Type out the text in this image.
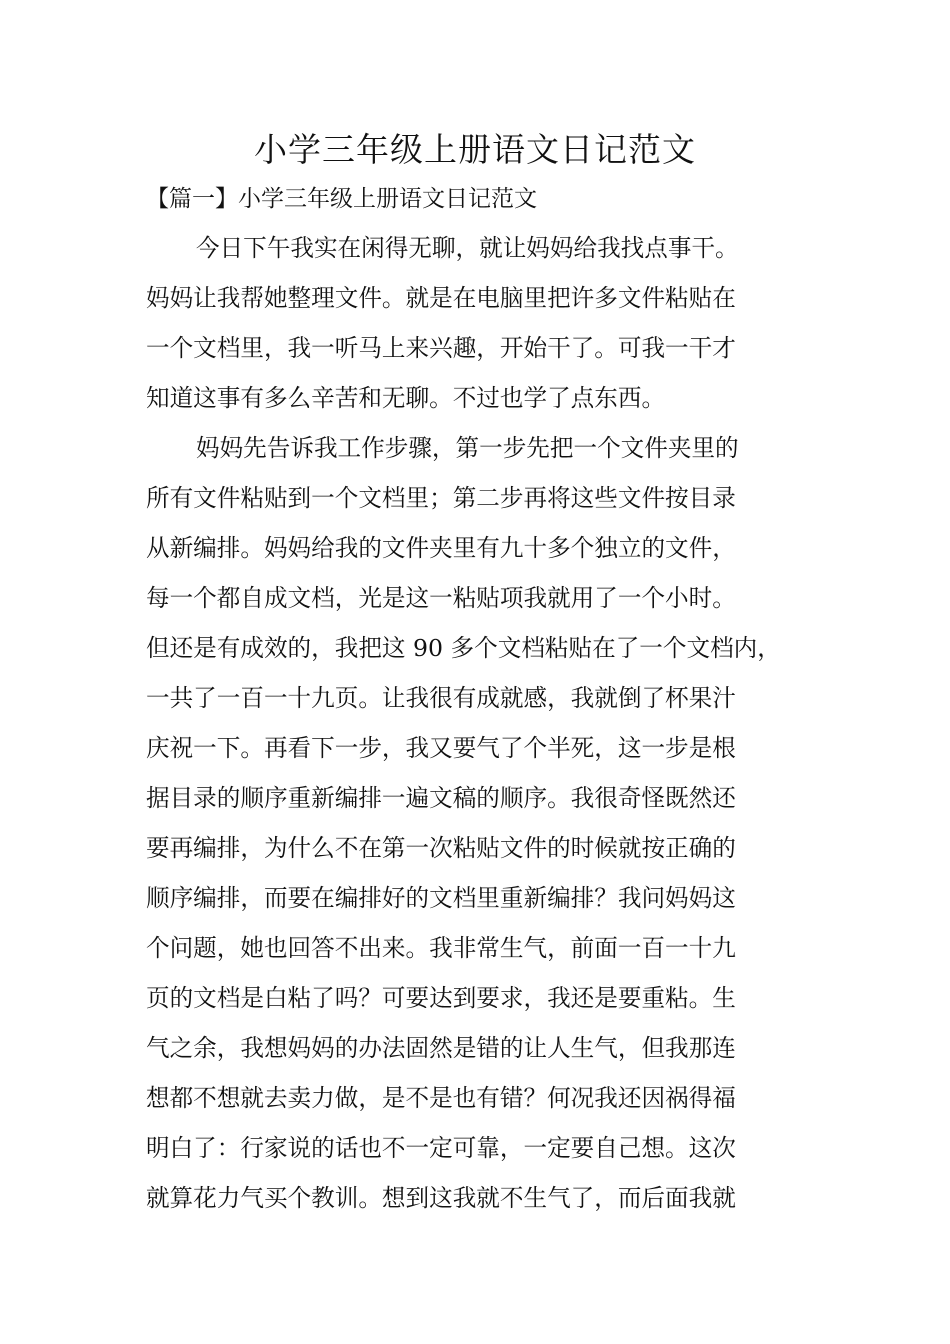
小学三年级上册语文日记范文
【篇一】小学三年级上册语文日记范文
今日下午我实在闲得无聊，就让妈妈给我找点事干。
妈妈让我帮她整理文件。就是在电脑里把许多文件粘贴在
一个文档里，我一听马上来兴趣，开始干了。可我一干才
知道这事有多么辛苦和无聊。不过也学了点东西。
妈妈先告诉我工作步骤，第一步先把一个文件夹里的
所有文件粘贴到一个文档里；第二步再将这些文件按目录
从新编排。妈妈给我的文件夹里有九十多个独立的文件，
每一个都自成文档，光是这一粘贴项我就用了一个小时。
但还是有成效的，我把这 90 多个文档粘贴在了一个文档内，
一共了一百一十九页。让我很有成就感，我就倒了杯果汁
庆祝一下。再看下一步，我又要气了个半死，这一步是根
据目录的顺序重新编排一遍文稿的顺序。我很奇怪既然还
要再编排，为什么不在第一次粘贴文件的时候就按正确的
顺序编排，而要在编排好的文档里重新编排？我问妈妈这
个问题，她也回答不出来。我非常生气，前面一百一十九
页的文档是白粘了吗？可要达到要求，我还是要重粘。生
气之余，我想妈妈的办法固然是错的让人生气，但我那连
想都不想就去卖力做，是不是也有错？何况我还因祸得福
明白了：行家说的话也不一定可靠，一定要自己想。这次
就算花力气买个教训。想到这我就不生气了，而后面我就
